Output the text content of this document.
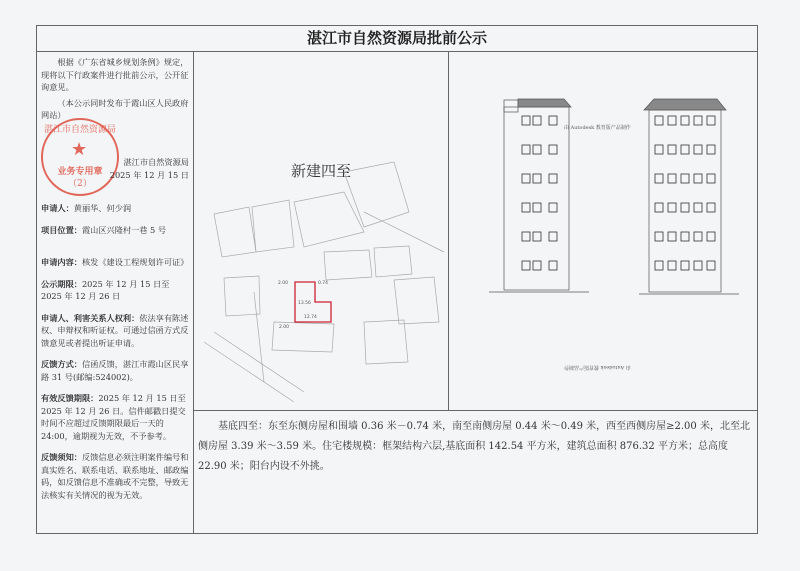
湛江市自然资源局批前公示

根据《广东省城乡规划条例》规定，现将以下行政案件进行批前公示，公开征询意见。

（本公示同时发布于霞山区人民政府网站）

湛江市自然资源局
★
业务专用章
（2）
湛江市自然资源局
2025 年 12 月 15 日

申请人：黄丽华、何少润

项目位置：霞山区兴隆村一巷 5 号

申请内容：核发《建设工程规划许可证》

公示期限：2025 年 12 月 15 日至 2025 年 12 月 26 日

申请人、利害关系人权利：依法享有陈述权、申辩权和听证权。可通过信函方式反馈意见或者提出听证申请。

反馈方式：信函反馈，湛江市霞山区民享路 31 号(邮编:524002)。

有效反馈期限：2025 年 12 月 15 日至 2025 年 12 月 26 日。信件邮戳日提交时间不应超过反馈期限最后一天的 24:00，逾期视为无效，不予参考。

反馈须知：反馈信息必须注明案件编号和真实姓名、联系电话、联系地址、邮政编码，如反馈信息不准确或不完整，导致无法核实有关情况的视为无效。

新建四至
2.00	0.74
13.56
12.74
2.00
由 Autodesk 教育版产品制作
由 Autodesk 教育版产品制作
基底四至：东至东侧房屋和围墙 0.36 米－0.74 米，南至南侧房屋 0.44 米～0.49 米，西至西侧房屋≥2.00 米，北至北侧房屋 3.39 米～3.59 米。住宅楼规模：框架结构六层,基底面积 142.54 平方米，建筑总面积 876.32 平方米；总高度 22.90 米；阳台内设不外挑。
